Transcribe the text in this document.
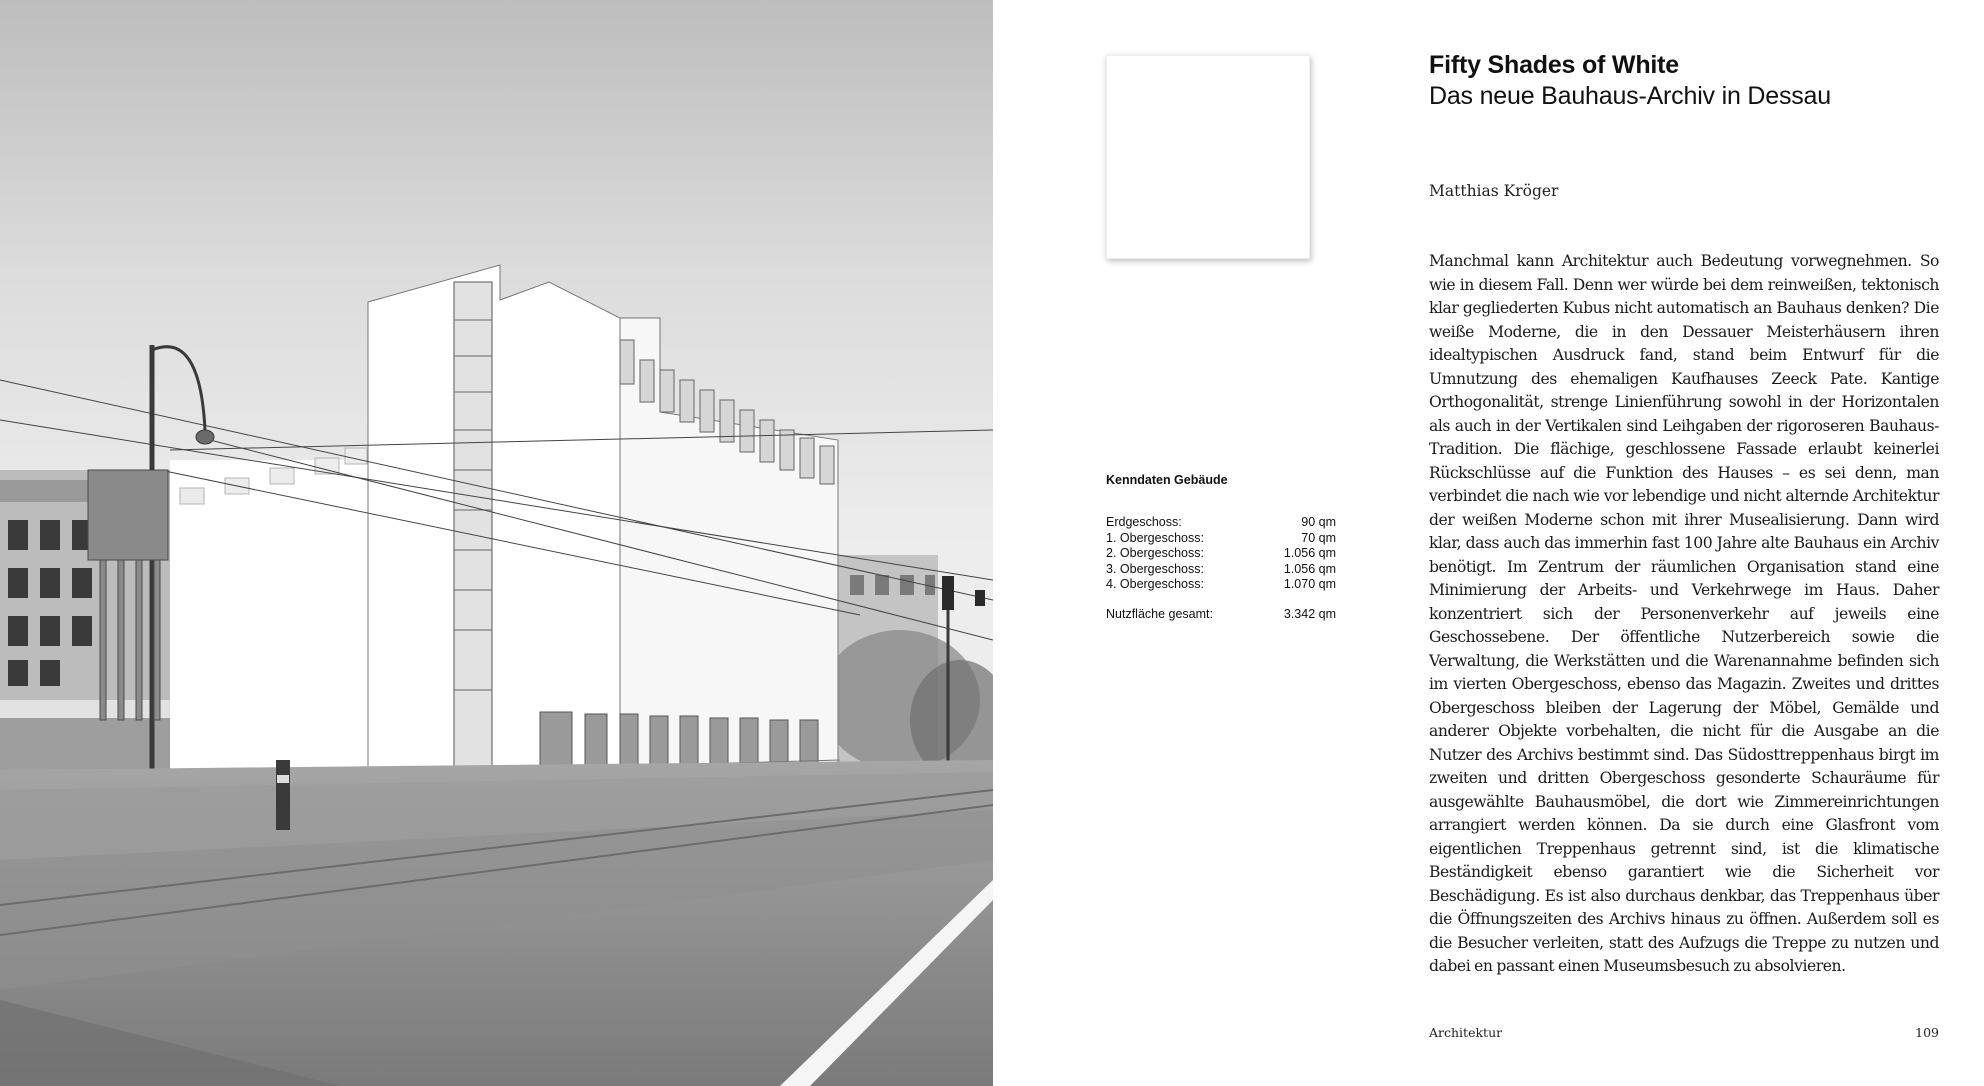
Fifty Shades of White
Das neue Bauhaus-Archiv in Dessau
Matthias Kröger
Kenndaten Gebäude
Erdgeschoss:	90 qm
1. Obergeschoss:	70 qm
2. Obergeschoss:	1.056 qm
3. Obergeschoss:	1.056 qm
4. Obergeschoss:	1.070 qm
Nutzfläche gesamt:	3.342 qm
Manchmal kann Architektur auch Bedeutung vorwegnehmen. So wie in diesem Fall. Denn wer würde bei dem reinweißen, tektonisch klar gegliederten Kubus nicht automatisch an Bauhaus denken? Die weiße Moderne, die in den Dessauer Meisterhäusern ihren idealtypischen Ausdruck fand, stand beim Entwurf für die Umnutzung des ehemaligen Kaufhauses Zeeck Pate. Kantige Orthogonalität, strenge Linienführung sowohl in der Horizontalen als auch in der Vertikalen sind Leihgaben der rigoroseren Bauhaus-Tradition. Die flächige, geschlossene Fassade erlaubt keinerlei Rückschlüsse auf die Funktion des Hauses – es sei denn, man verbindet die nach wie vor lebendige und nicht alternde Architektur der weißen Moderne schon mit ihrer Musealisierung. Dann wird klar, dass auch das immerhin fast 100 Jahre alte Bauhaus ein Archiv benötigt. Im Zentrum der räumlichen Organisation stand eine Minimierung der Arbeits- und Verkehrwege im Haus. Daher konzentriert sich der Personenverkehr auf jeweils eine Geschossebene. Der öffentliche Nutzerbereich sowie die Verwaltung, die Werkstätten und die Warenannahme befinden sich im vierten Obergeschoss, ebenso das Magazin. Zweites und drittes Obergeschoss bleiben der Lagerung der Möbel, Gemälde und anderer Objekte vorbehalten, die nicht für die Ausgabe an die Nutzer des Archivs bestimmt sind. Das Südosttreppenhaus birgt im zweiten und dritten Obergeschoss gesonderte Schauräume für ausgewählte Bauhausmöbel, die dort wie Zimmereinrichtungen arrangiert werden können. Da sie durch eine Glasfront vom eigentlichen Treppenhaus getrennt sind, ist die klimatische Beständigkeit ebenso garantiert wie die Sicherheit vor Beschädigung. Es ist also durchaus denkbar, das Treppenhaus über die Öffnungszeiten des Archivs hinaus zu öffnen. Außerdem soll es die Besucher verleiten, statt des Aufzugs die Treppe zu nutzen und dabei en passant einen Museumsbesuch zu absolvieren.
Architektur	109
